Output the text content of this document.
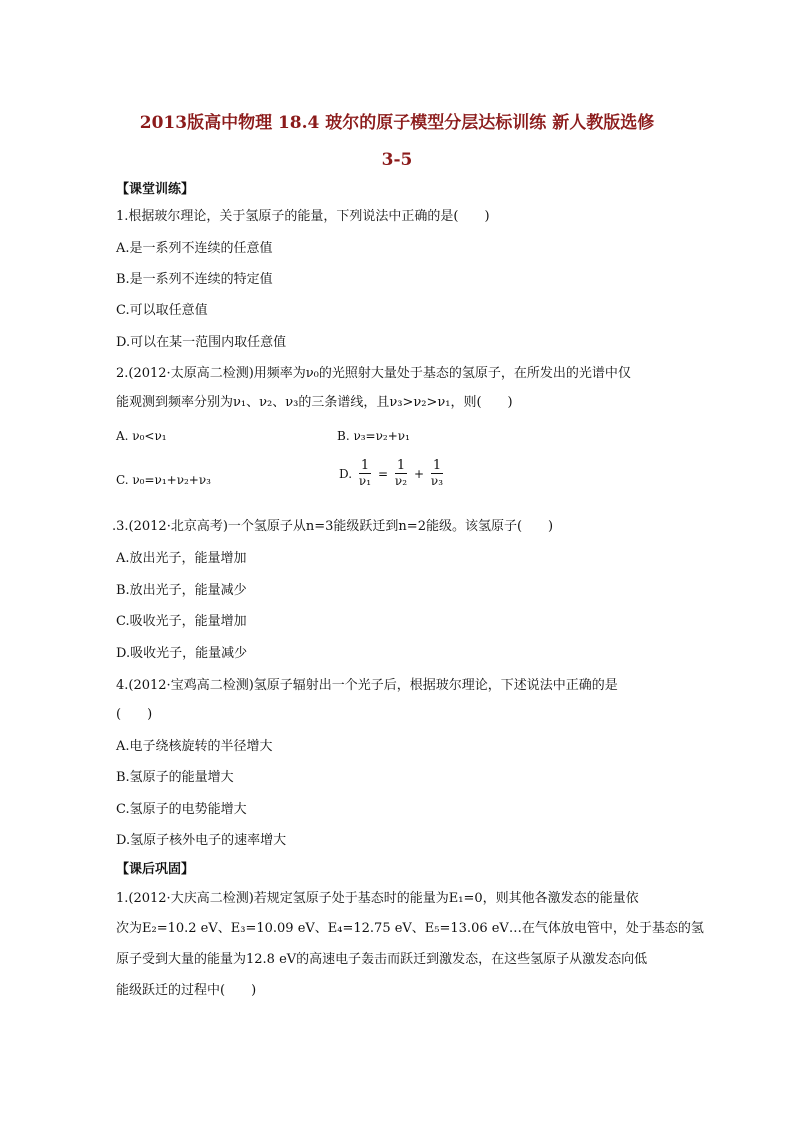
2013版高中物理 18.4 玻尔的原子模型分层达标训练 新人教版选修
3-5
【课堂训练】
1.根据玻尔理论，关于氢原子的能量，下列说法中正确的是(　　)
A.是一系列不连续的任意值
B.是一系列不连续的特定值
C.可以取任意值
D.可以在某一范围内取任意值
2.(2012·太原高二检测)用频率为ν₀的光照射大量处于基态的氢原子，在所发出的光谱中仅
能观测到频率分别为ν₁、ν₂、ν₃的三条谱线，且ν₃>ν₂>ν₁，则(　　)
A. ν₀<ν₁	B. ν₃=ν₂+ν₁
C. ν₀=ν₁+ν₂+ν₃	D. $\frac{1}{\text{ν₁}} = \frac{1}{\text{ν₂}} + \frac{1}{\text{ν₃}}$
.3.(2012·北京高考)一个氢原子从n=3能级跃迁到n=2能级。该氢原子(　　)
A.放出光子，能量增加
B.放出光子，能量减少
C.吸收光子，能量增加
D.吸收光子，能量减少
4.(2012·宝鸡高二检测)氢原子辐射出一个光子后，根据玻尔理论，下述说法中正确的是
(　　)
A.电子绕核旋转的半径增大
B.氢原子的能量增大
C.氢原子的电势能增大
D.氢原子核外电子的速率增大
【课后巩固】
1.(2012·大庆高二检测)若规定氢原子处于基态时的能量为E₁=0，则其他各激发态的能量依
次为E₂=10.2 eV、E₃=10.09 eV、E₄=12.75 eV、E₅=13.06 eV…在气体放电管中，处于基态的氢
原子受到大量的能量为12.8 eV的高速电子轰击而跃迁到激发态，在这些氢原子从激发态向低
能级跃迁的过程中(　　)
